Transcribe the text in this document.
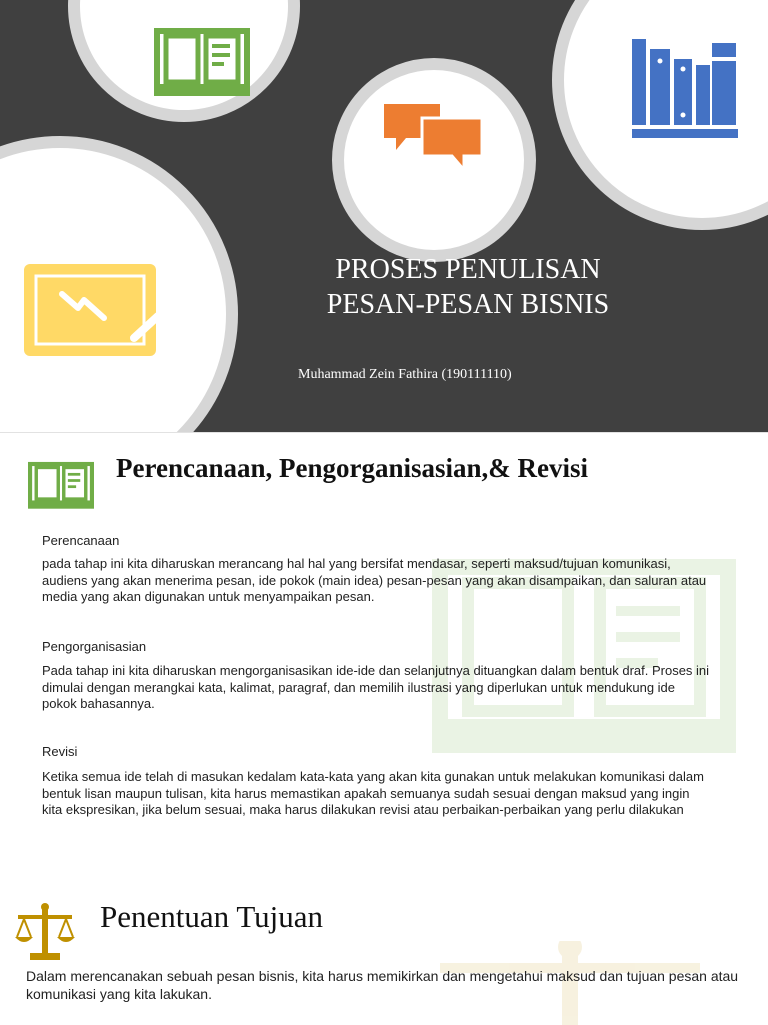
PROSES PENULISAN
PESAN-PESAN BISNIS
Muhammad Zein Fathira (190111110)
Perencanaan, Pengorganisasian,& Revisi
Perencanaan
pada tahap ini kita diharuskan merancang hal hal yang bersifat mendasar, seperti maksud/tujuan komunikasi, audiens yang akan menerima pesan, ide pokok (main idea) pesan-pesan yang akan disampaikan, dan saluran atau media yang akan digunakan untuk menyampaikan pesan.
Pengorganisasian
Pada tahap ini kita diharuskan mengorganisasikan ide-ide dan selanjutnya dituangkan dalam bentuk draf. Proses ini dimulai dengan merangkai kata, kalimat, paragraf, dan memilih ilustrasi yang diperlukan untuk mendukung ide pokok bahasannya.
Revisi
Ketika semua ide telah di masukan kedalam kata-kata yang akan kita gunakan untuk melakukan komunikasi dalam bentuk lisan maupun tulisan, kita harus memastikan apakah semuanya sudah sesuai dengan maksud yang ingin kita ekspresikan, jika belum sesuai, maka harus dilakukan revisi atau perbaikan-perbaikan yang perlu dilakukan
Penentuan Tujuan
Dalam merencanakan sebuah pesan bisnis, kita harus memikirkan dan mengetahui maksud dan tujuan pesan atau komunikasi yang kita lakukan.
